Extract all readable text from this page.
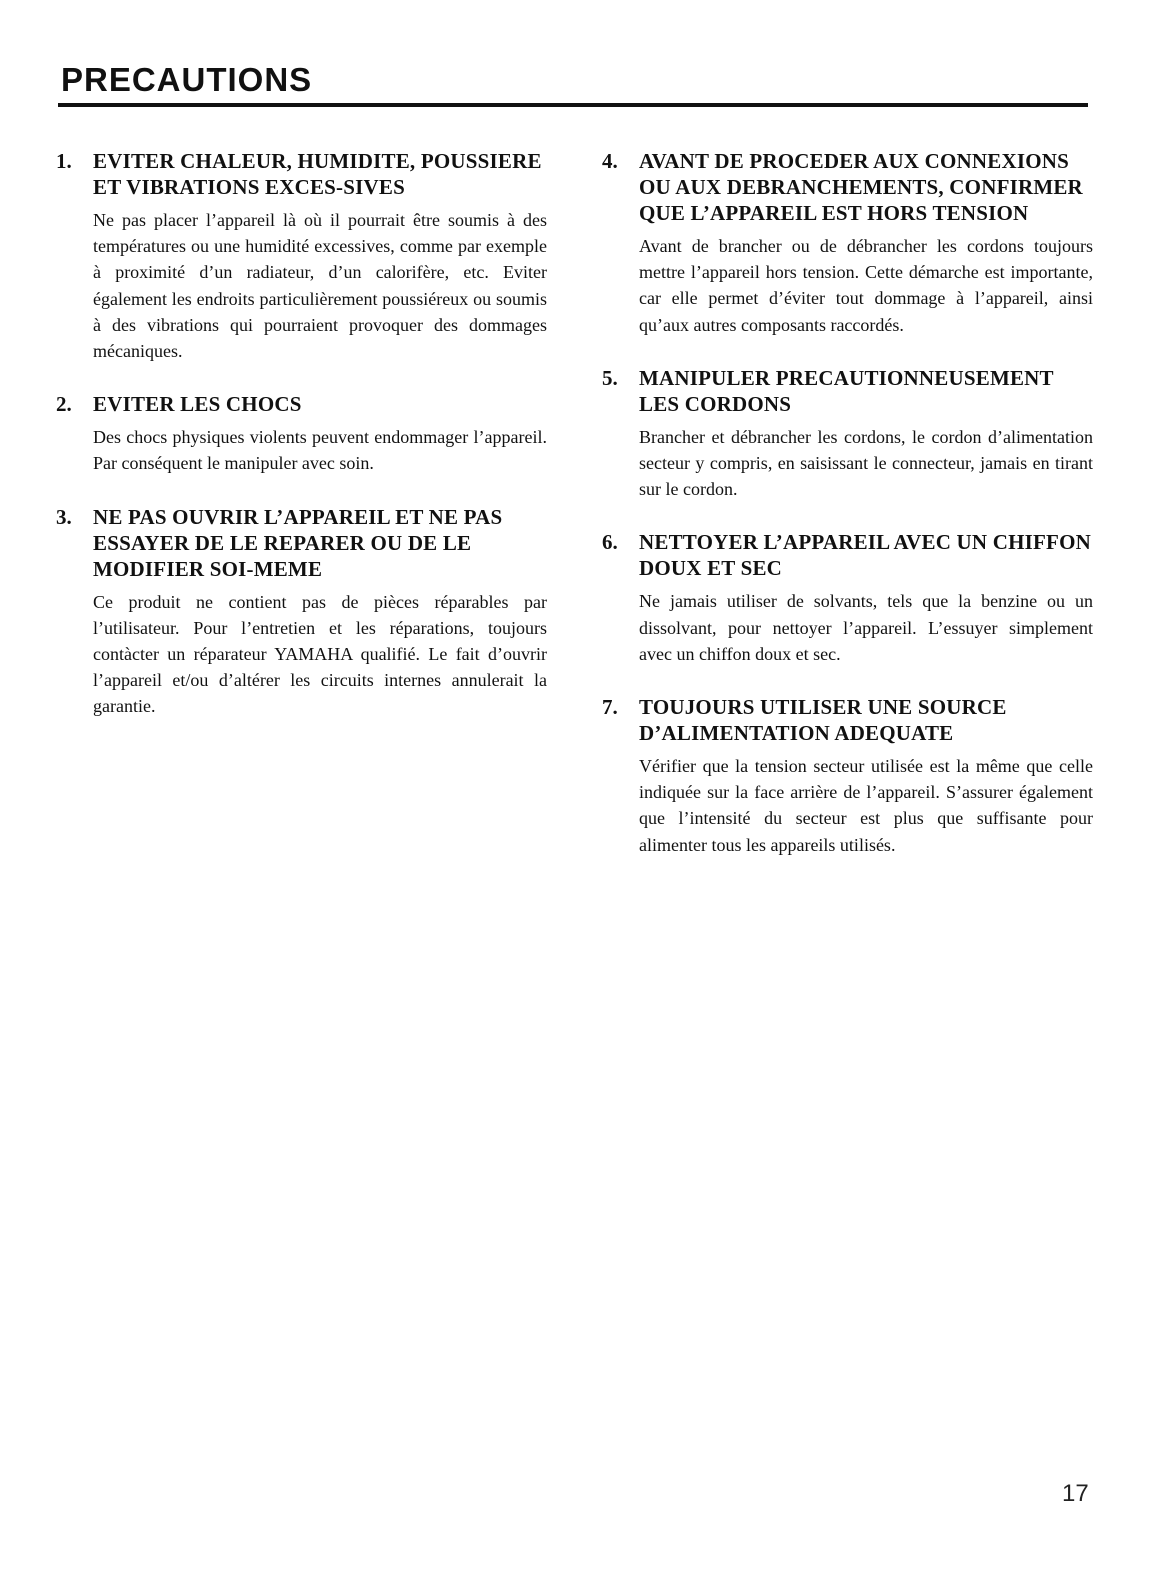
PRECAUTIONS
1. EVITER CHALEUR, HUMIDITE, POUSSIERE ET VIBRATIONS EXCES-SIVES

Ne pas placer l’appareil là où il pourrait être soumis à des températures ou une humidité excessives, comme par exemple à proximité d’un radiateur, d’un calorifère, etc. Eviter également les endroits particulièrement poussiéreux ou soumis à des vibrations qui pourraient provoquer des dommages mécaniques.

2. EVITER LES CHOCS

Des chocs physiques violents peuvent endommager l’appareil. Par conséquent le manipuler avec soin.

3. NE PAS OUVRIR L’APPAREIL ET NE PAS ESSAYER DE LE REPARER OU DE LE MODIFIER SOI-MEME

Ce produit ne contient pas de pièces réparables par l’utilisateur. Pour l’entretien et les réparations, toujours contàcter un réparateur YAMAHA qualifié. Le fait d’ouvrir l’appareil et/ou d’altérer les circuits internes annulerait la garantie.

4. AVANT DE PROCEDER AUX CONNEXIONS OU AUX DEBRANCHEMENTS, CONFIRMER QUE L’APPAREIL EST HORS TENSION

Avant de brancher ou de débrancher les cordons toujours mettre l’appareil hors tension. Cette démarche est importante, car elle permet d’éviter tout dommage à l’appareil, ainsi qu’aux autres composants raccordés.

5. MANIPULER PRECAUTIONNEUSEMENT LES CORDONS

Brancher et débrancher les cordons, le cordon d’alimentation secteur y compris, en saisissant le connecteur, jamais en tirant sur le cordon.

6. NETTOYER L’APPAREIL AVEC UN CHIFFON DOUX ET SEC

Ne jamais utiliser de solvants, tels que la benzine ou un dissolvant, pour nettoyer l’appareil. L’essuyer simplement avec un chiffon doux et sec.

7. TOUJOURS UTILISER UNE SOURCE D’ALIMENTATION ADEQUATE

Vérifier que la tension secteur utilisée est la même que celle indiquée sur la face arrière de l’appareil. S’assurer également que l’intensité du secteur est plus que suffisante pour alimenter tous les appareils utilisés.

17
